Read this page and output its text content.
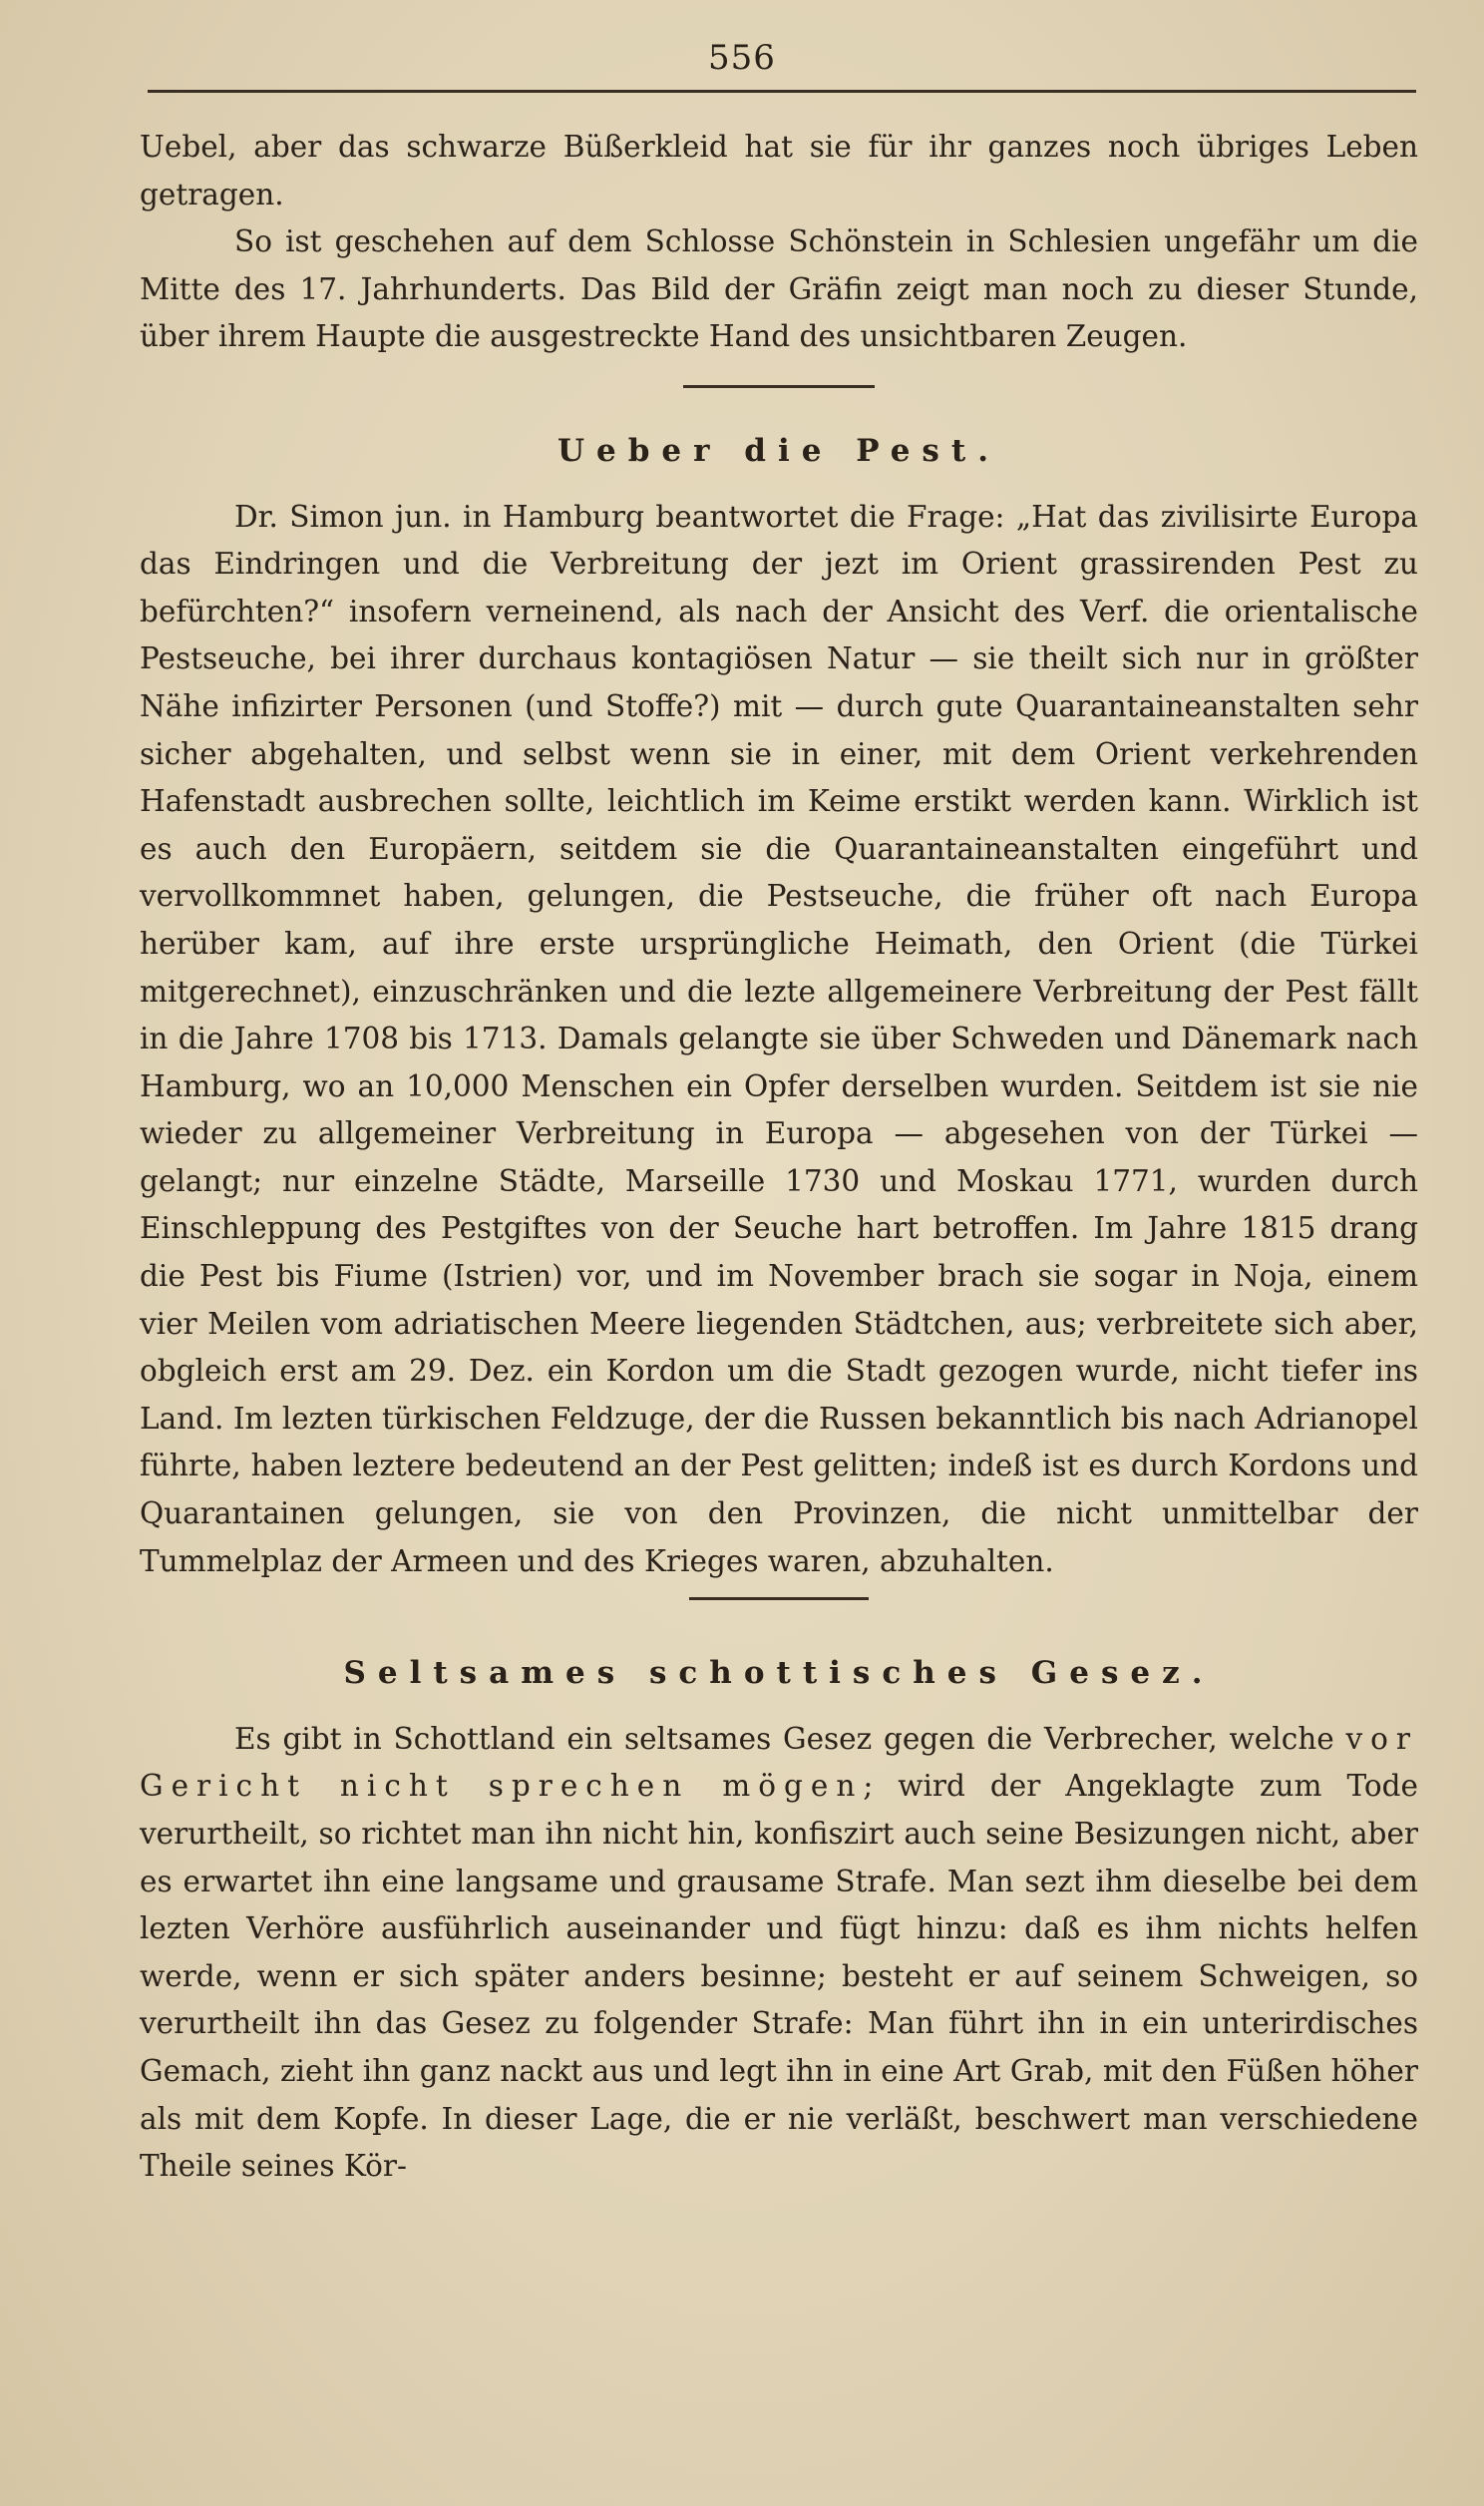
556

Uebel, aber das schwarze Büßerkleid hat sie für ihr ganzes noch übriges Leben getragen.

So ist geschehen auf dem Schlosse Schönstein in Schlesien ungefähr um die Mitte des 17. Jahrhunderts. Das Bild der Gräfin zeigt man noch zu dieser Stunde, über ihrem Haupte die ausgestreckte Hand des unsichtbaren Zeugen.

Ueber die Pest.

Dr. Simon jun. in Hamburg beantwortet die Frage: „Hat das zivilisirte Europa das Eindringen und die Verbreitung der jezt im Orient grassirenden Pest zu befürchten?“ insofern verneinend, als nach der Ansicht des Verf. die orientalische Pestseuche, bei ihrer durchaus kontagiösen Natur — sie theilt sich nur in größter Nähe infizirter Personen (und Stoffe?) mit — durch gute Quarantaineanstalten sehr sicher abgehalten, und selbst wenn sie in einer, mit dem Orient verkehrenden Hafenstadt ausbrechen sollte, leichtlich im Keime erstikt werden kann. Wirklich ist es auch den Europäern, seitdem sie die Quarantaineanstalten eingeführt und vervollkommnet haben, gelungen, die Pestseuche, die früher oft nach Europa herüber kam, auf ihre erste ursprüngliche Heimath, den Orient (die Türkei mitgerechnet), einzuschränken und die lezte allgemeinere Verbreitung der Pest fällt in die Jahre 1708 bis 1713. Damals gelangte sie über Schweden und Dänemark nach Hamburg, wo an 10,000 Menschen ein Opfer derselben wurden. Seitdem ist sie nie wieder zu allgemeiner Verbreitung in Europa — abgesehen von der Türkei — gelangt; nur einzelne Städte, Marseille 1730 und Moskau 1771, wurden durch Einschleppung des Pestgiftes von der Seuche hart betroffen. Im Jahre 1815 drang die Pest bis Fiume (Istrien) vor, und im November brach sie sogar in Noja, einem vier Meilen vom adriatischen Meere liegenden Städtchen, aus; verbreitete sich aber, obgleich erst am 29. Dez. ein Kordon um die Stadt gezogen wurde, nicht tiefer ins Land. Im lezten türkischen Feldzuge, der die Russen bekanntlich bis nach Adrianopel führte, haben leztere bedeutend an der Pest gelitten; indeß ist es durch Kordons und Quarantainen gelungen, sie von den Provinzen, die nicht unmittelbar der Tummelplaz der Armeen und des Krieges waren, abzuhalten.

Seltsames schottisches Gesez.

Es gibt in Schottland ein seltsames Gesez gegen die Verbrecher, welche vor Gericht nicht sprechen mögen; wird der Angeklagte zum Tode verurtheilt, so richtet man ihn nicht hin, konfiszirt auch seine Besizungen nicht, aber es erwartet ihn eine langsame und grausame Strafe. Man sezt ihm dieselbe bei dem lezten Verhöre ausführlich auseinander und fügt hinzu: daß es ihm nichts helfen werde, wenn er sich später anders besinne; besteht er auf seinem Schweigen, so verurtheilt ihn das Gesez zu folgender Strafe: Man führt ihn in ein unterirdisches Gemach, zieht ihn ganz nackt aus und legt ihn in eine Art Grab, mit den Füßen höher als mit dem Kopfe. In dieser Lage, die er nie verläßt, beschwert man verschiedene Theile seines Kör-
